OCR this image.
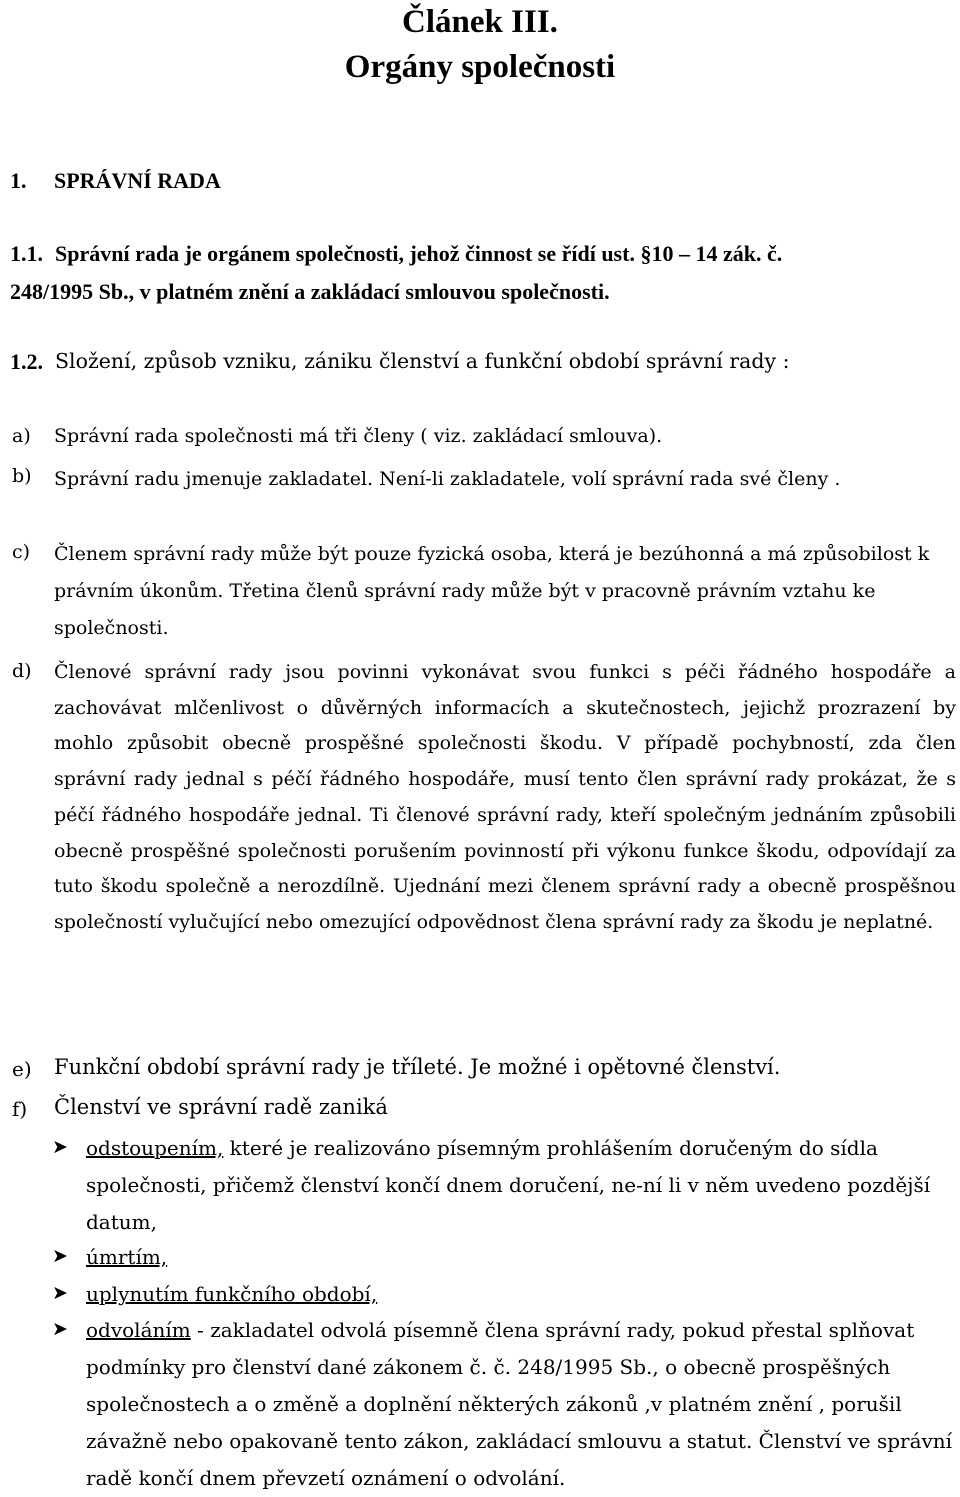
Článek III.
Orgány společnosti
1. SPRÁVNÍ RADA
1.1. Správní rada je orgánem společnosti, jehož činnost se řídí ust. §10 – 14 zák. č.
248/1995 Sb., v platném znění a zakládací smlouvou společnosti.
1.2. Složení, způsob vzniku, zániku členství a funkční období správní rady :
a) Správní rada společnosti má tři členy ( viz. zakládací smlouva).
b) Správní radu jmenuje zakladatel. Není-li zakladatele, volí správní rada své členy .
c) Členem správní rady může být pouze fyzická osoba, která je bezúhonná a má způsobilost k právním úkonům. Třetina členů správní rady může být v pracovně právním vztahu ke společnosti.
d) Členové správní rady jsou povinni vykonávat svou funkci s péči řádného hospodáře a zachovávat mlčenlivost o důvěrných informacích a skutečnostech, jejichž prozrazení by mohlo způsobit obecně prospěšné společnosti škodu. V případě pochybností, zda člen správní rady jednal s péčí řádného hospodáře, musí tento člen správní rady prokázat, že s péčí řádného hospodáře jednal. Ti členové správní rady, kteří společným jednáním způsobili obecně prospěšné společnosti porušením povinností při výkonu funkce škodu, odpovídají za tuto škodu společně a nerozdílně. Ujednání mezi členem správní rady a obecně prospěšnou společností vylučující nebo omezující odpovědnost člena správní rady za škodu je neplatné.
e) Funkční období správní rady je tříleté. Je možné i opětovné členství.
f) Členství ve správní radě zaniká
➤ odstoupením, které je realizováno písemným prohlášením doručeným do sídla společnosti, přičemž členství končí dnem doručení, ne-ní li v něm uvedeno pozdější datum,
➤ úmrtím,
➤ uplynutím funkčního období,
➤ odvoláním - zakladatel odvolá písemně člena správní rady, pokud přestal splňovat podmínky pro členství dané zákonem č. č. 248/1995 Sb., o obecně prospěšných společnostech a o změně a doplnění některých zákonů ,v platném znění , porušil závažně nebo opakovaně tento zákon, zakládací smlouvu a statut. Členství ve správní radě končí dnem převzetí oznámení o odvolání.
